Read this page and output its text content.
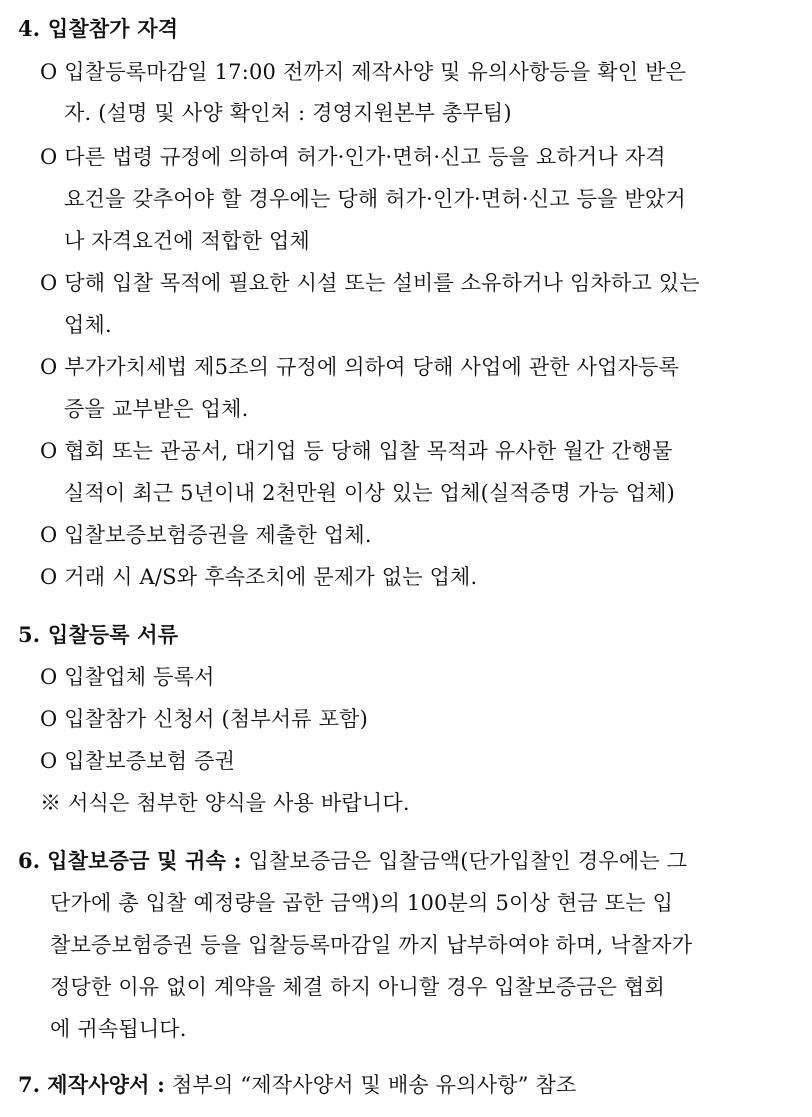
4. 입찰참가 자격
O 입찰등록마감일 17:00 전까지 제작사양 및 유의사항등을 확인 받은
자. (설명 및 사양 확인처 : 경영지원본부 총무팀)
O 다른 법령 규정에 의하여 허가·인가·면허·신고 등을 요하거나 자격
요건을 갖추어야 할 경우에는 당해 허가·인가·면허·신고 등을 받았거
나 자격요건에 적합한 업체
O 당해 입찰 목적에 필요한 시설 또는 설비를 소유하거나 임차하고 있는
업체.
O 부가가치세법 제5조의 규정에 의하여 당해 사업에 관한 사업자등록
증을 교부받은 업체.
O 협회 또는 관공서, 대기업 등 당해 입찰 목적과 유사한 월간 간행물
실적이 최근 5년이내 2천만원 이상 있는 업체(실적증명 가능 업체)
O 입찰보증보험증권을 제출한 업체.
O 거래 시 A/S와 후속조치에 문제가 없는 업체.
5. 입찰등록 서류
O 입찰업체 등록서
O 입찰참가 신청서 (첨부서류 포함)
O 입찰보증보험 증권
※ 서식은 첨부한 양식을 사용 바랍니다.
6. 입찰보증금 및 귀속 : 입찰보증금은 입찰금액(단가입찰인 경우에는 그
단가에 총 입찰 예정량을 곱한 금액)의 100분의 5이상 현금 또는 입
찰보증보험증권 등을 입찰등록마감일 까지 납부하여야 하며, 낙찰자가
정당한 이유 없이 계약을 체결 하지 아니할 경우 입찰보증금은 협회
에 귀속됩니다.
7. 제작사양서 : 첨부의 “제작사양서 및 배송 유의사항” 참조
